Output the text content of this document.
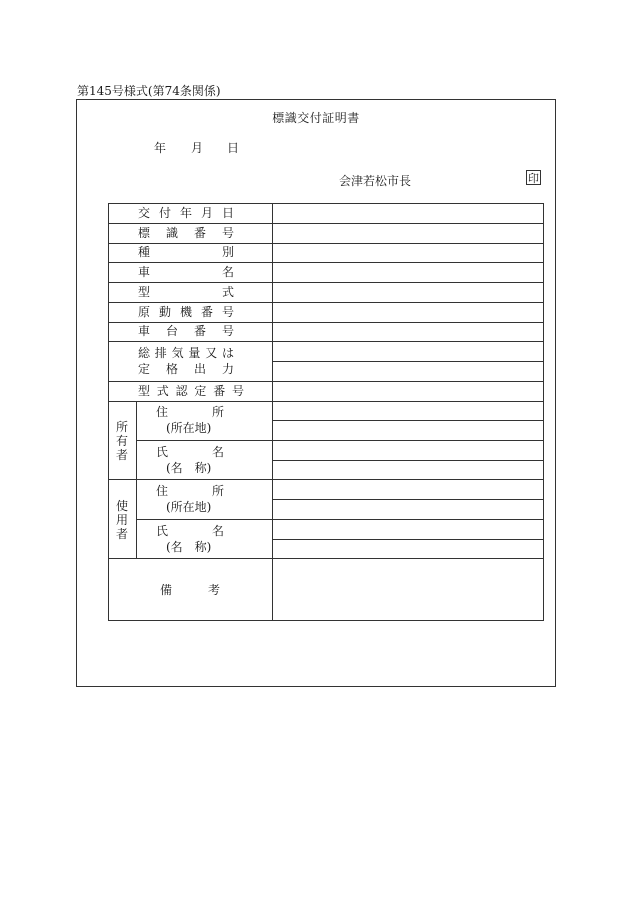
第145号様式(第74条関係)
標識交付証明書
年 月 日
会津若松市長	印
交 付 年 月 日
標 識 番 号
種	別
車	名
型	式
原 動 機 番 号
車 台 番 号
総 排 気 量 又 は
定 格 出 力
型 式 認 定 番 号
所
有
者
住	所
(所在地)
氏	名
(名　称)
使
用
者
住	所
(所在地)
氏	名
(名　称)
備	考
